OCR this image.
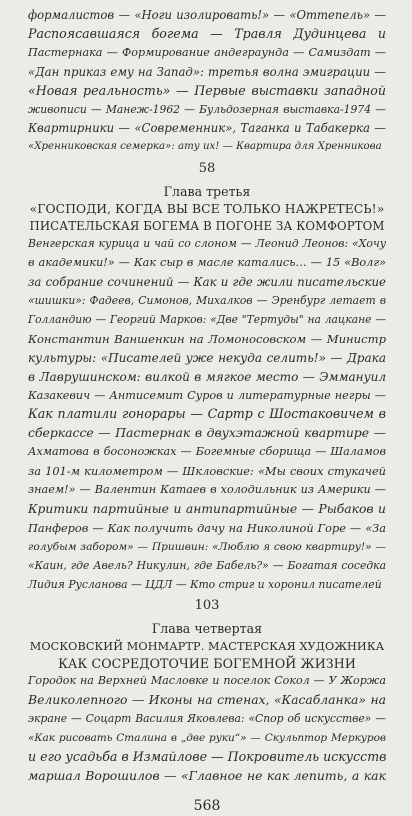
формалистов — «Ноги изолировать!» — «Оттепель» —
Распоясавшаяся богема — Травля Дудинцева и
Пастернака — Формирование андеграунда — Самиздат —
«Дан приказ ему на Запад»: третья волна эмиграции —
«Новая реальность» — Первые выставки западной
живописи — Манеж-1962 — Бульдозерная выставка-1974 —
Квартирники — «Современник», Таганка и Табакерка —
«Хренниковская семерка»: ату их! — Квартира для Хренникова
58
Глава третья
«ГОСПОДИ, КОГДА ВЫ ВСЕ ТОЛЬКО НАЖРЕТЕСЬ!»
ПИСАТЕЛЬСКАЯ БОГЕМА В ПОГОНЕ ЗА КОМФОРТОМ
Венгерская курица и чай со слоном — Леонид Леонов: «Хочу
в академики!» — Как сыр в масле катались… — 15 «Волг»
за собрание сочинений — Как и где жили писательские
«шишки»: Фадеев, Симонов, Михалков — Эренбург летает в
Голландию — Георгий Марков: «Две "Тертуды" на лацкане —
Константин Ваншенкин на Ломоносовском — Министр
культуры: «Писателей уже некуда селить!» — Драка
в Лаврушинском: вилкой в мягкое место — Эммануил
Казакевич — Антисемит Суров и литературные негры —
Как платили гонорары — Сартр с Шостаковичем в
сберкассе — Пастернак в двухэтажной квартире —
Ахматова в босоножках — Богемные сборища — Шаламов
за 101-м километром — Шкловские: «Мы своих стукачей
знаем!» — Валентин Катаев в холодильник из Америки —
Критики партийные и антипартийные — Рыбаков и
Панферов — Как получить дачу на Николиной Горе — «За
голубым забором» — Пришвин: «Люблю я свою квартиру!» —
«Каин, где Авель? Никулин, где Бабель?» — Богатая соседка
Лидия Русланова — ЦДЛ — Кто стриг и хоронил писателей
103
Глава четвертая
МОСКОВСКИЙ МОНМАРТР. МАСТЕРСКАЯ ХУДОЖНИКА
КАК СОСРЕДОТОЧИЕ БОГЕМНОЙ ЖИЗНИ
Городок на Верхней Масловке и поселок Сокол — У Жоржа
Великолепного — Иконы на стенах, «Касабланка» на
экране — Соцарт Василия Яковлева: «Спор об искусстве» —
«Как рисовать Сталина в „две руки“» — Скульптор Меркуров
и его усадьба в Измайлове — Покровитель искусств
маршал Ворошилов — «Главное не как лепить, а как
568
